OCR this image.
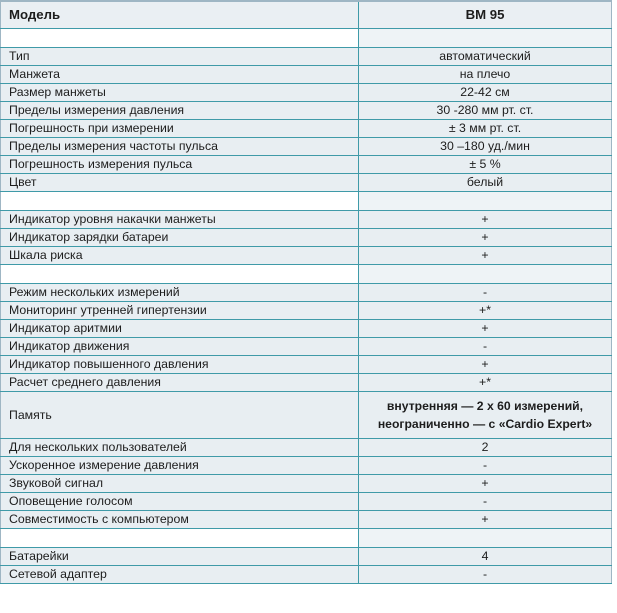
Модель	ВМ 95

Тип	автоматический
Манжета	на плечо
Размер манжеты	22-42 см
Пределы измерения давления	30 -280 мм рт. ст.
Погрешность при измерении	± 3 мм рт. ст.
Пределы измерения частоты пульса	30 –180 уд./мин
Погрешность измерения пульса	± 5 %
Цвет	белый

Индикатор уровня накачки манжеты	+
Индикатор зарядки батареи	+
Шкала риска	+

Режим нескольких измерений	-
Мониторинг утренней гипертензии	+*
Индикатор аритмии	+
Индикатор движения	-
Индикатор повышенного давления	+
Расчет среднего давления	+*
Память	внутренняя — 2 x 60 измерений, неограниченно — с «Cardio Expert»
Для нескольких пользователей	2
Ускоренное измерение давления	-
Звуковой сигнал	+
Оповещение голосом	-
Совместимость с компьютером	+

Батарейки	4
Сетевой адаптер	-
